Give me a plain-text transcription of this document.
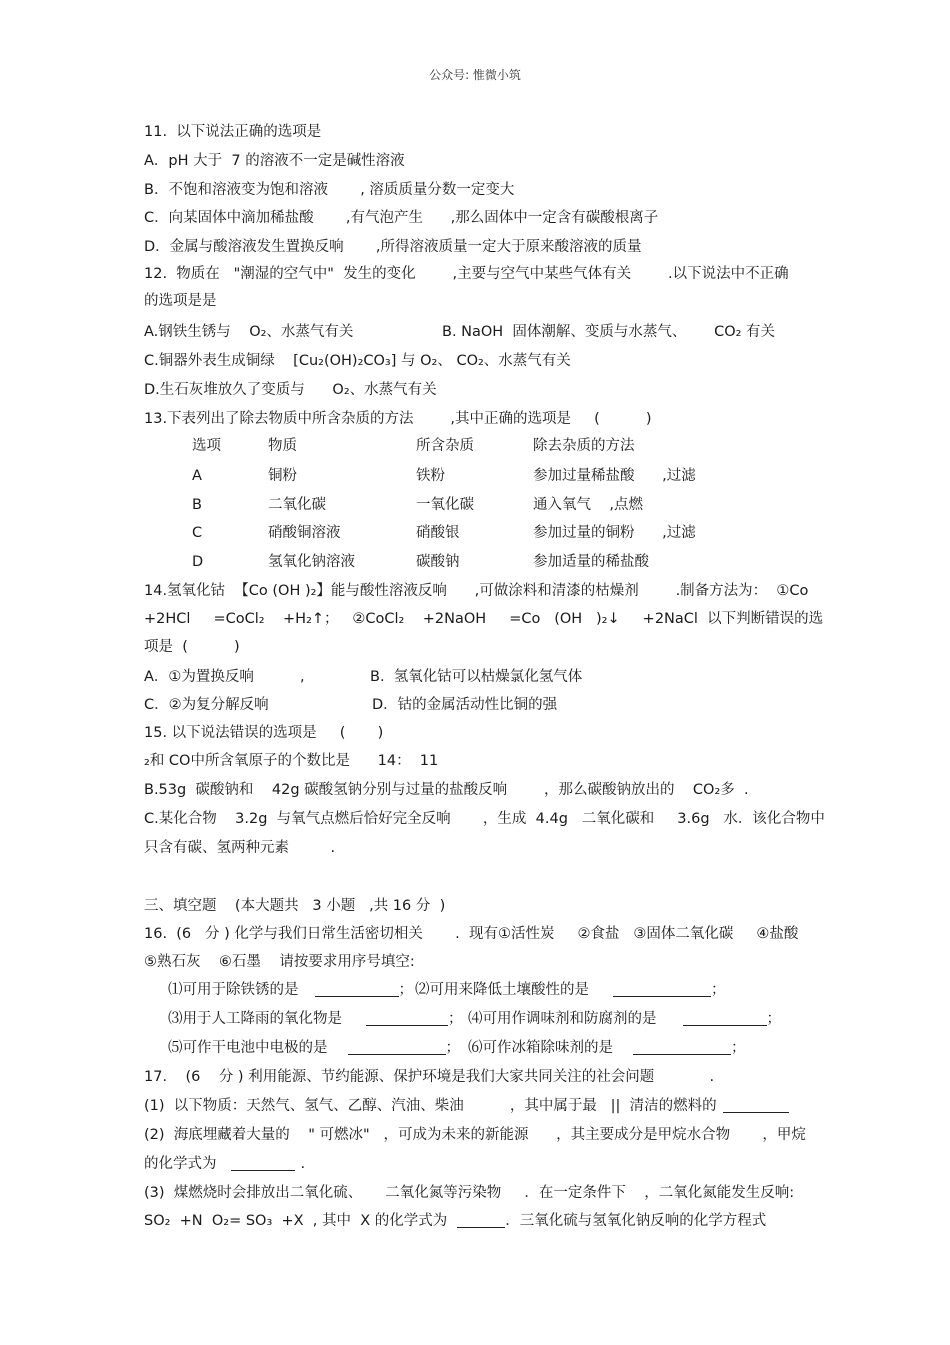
公众号: 惟微小筑
11.  以下说法正确的选项是
A．pH 大于  7 的溶液不一定是碱性溶液
B．不饱和溶液变为饱和溶液       , 溶质质量分数一定变大
C．向某固体中滴加稀盐酸       ,有气泡产生      ,那么固体中一定含有碳酸根离子
D．金属与酸溶液发生置换反响       ,所得溶液质量一定大于原来酸溶液的质量
12.  物质在   "潮湿的空气中"  发生的变化        ,主要与空气中某些气体有关        .以下说法中不正确
的选项是是
A.钢铁生锈与    O₂、水蒸气有关	B. NaOH  固体潮解、变质与水蒸气、      CO₂ 有关
C.铜器外表生成铜绿    [Cu₂(OH)₂CO₃] 与 O₂、 CO₂、水蒸气有关
D.生石灰堆放久了变质与      O₂、水蒸气有关
13.下表列出了除去物质中所含杂质的方法        ,其中正确的选项是     (          )
选项	物质	所含杂质	除去杂质的方法
A	铜粉	铁粉	参加过量稀盐酸      ,过滤
B	二氧化碳	一氧化碳	通入氧气    ,点燃
C	硝酸铜溶液	硝酸银	参加过量的铜粉      ,过滤
D	氢氧化钠溶液	碳酸钠	参加适量的稀盐酸
14.氢氧化钴  【Co (OH )₂】能与酸性溶液反响      ,可做涂料和清漆的枯燥剂        .制备方法为：  ①Co
+2HCl     =CoCl₂    +H₂↑；   ②CoCl₂    +2NaOH     =Co   (OH   )₂↓     +2NaCl  以下判断错误的选
项是  (          )
A．①为置换反响          ,	B.  氢氧化钴可以枯燥氯化氢气体
C．②为复分解反响	D．钴的金属活动性比铜的强
15. 以下说法错误的选项是     (       )
₂和 CO中所含氧原子的个数比是      14：  11
B.53g  碳酸钠和    42g 碳酸氢钠分别与过量的盐酸反响        ，那么碳酸钠放出的    CO₂多  .
C.某化合物    3.2g  与氧气点燃后恰好完全反响       ，生成  4.4g   二氧化碳和     3.6g   水．该化合物中
只含有碳、氢两种元素         .
三、填空题    (本大题共   3 小题   ,共 16 分  )
16.  (6   分 ) 化学与我们日常生活密切相关       .  现有①活性炭     ②食盐   ③固体二氧化碳     ④盐酸
⑤熟石灰    ⑥石墨    请按要求用序号填空:
⑴可用于除铁锈的是	； ⑵可用来降低土壤酸性的是	；
⑶用于人工降雨的氧化物是	； ⑷可用作调味剂和防腐剂的是	；
⑸可作干电池中电极的是	； ⑹可作冰箱除味剂的是	；
17.    (6    分 ) 利用能源、节约能源、保护环境是我们大家共同关注的社会问题            .
(1)  以下物质：天然气、氢气、乙醇、汽油、柴油          ，其中属于最   ||  清洁的燃料的
(2)  海底埋藏着大量的    " 可燃冰"   ，可成为未来的新能源      ，其主要成分是甲烷水合物       ，甲烷
的化学式为	.
(3)  煤燃烧时会排放出二氧化硫、     二氧化氮等污染物     ．在一定条件下    ，二氧化氮能发生反响:
SO₂  +N  O₂= SO₃  +X  , 其中  X 的化学式为	．三氧化硫与氢氧化钠反响的化学方程式
